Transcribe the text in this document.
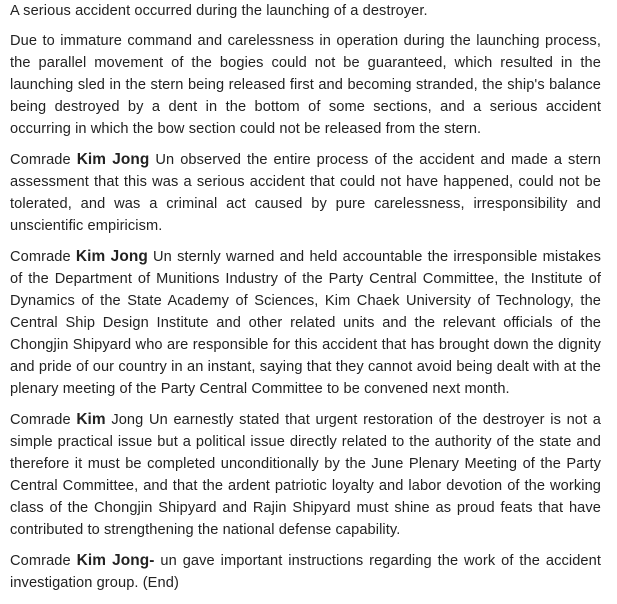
A serious accident occurred during the launching of a destroyer.

Due to immature command and carelessness in operation during the launching process, the parallel movement of the bogies could not be guaranteed, which resulted in the launching sled in the stern being released first and becoming stranded, the ship's balance being destroyed by a dent in the bottom of some sections, and a serious accident occurring in which the bow section could not be released from the stern.

Comrade Kim Jong Un observed the entire process of the accident and made a stern assessment that this was a serious accident that could not have happened, could not be tolerated, and was a criminal act caused by pure carelessness, irresponsibility and unscientific empiricism.

Comrade Kim Jong Un sternly warned and held accountable the irresponsible mistakes of the Department of Munitions Industry of the Party Central Committee, the Institute of Dynamics of the State Academy of Sciences, Kim Chaek University of Technology, the Central Ship Design Institute and other related units and the relevant officials of the Chongjin Shipyard who are responsible for this accident that has brought down the dignity and pride of our country in an instant, saying that they cannot avoid being dealt with at the plenary meeting of the Party Central Committee to be convened next month.

Comrade Kim Jong Un earnestly stated that urgent restoration of the destroyer is not a simple practical issue but a political issue directly related to the authority of the state and therefore it must be completed unconditionally by the June Plenary Meeting of the Party Central Committee, and that the ardent patriotic loyalty and labor devotion of the working class of the Chongjin Shipyard and Rajin Shipyard must shine as proud feats that have contributed to strengthening the national defense capability.

Comrade Kim Jong- un gave important instructions regarding the work of the accident investigation group. (End)
